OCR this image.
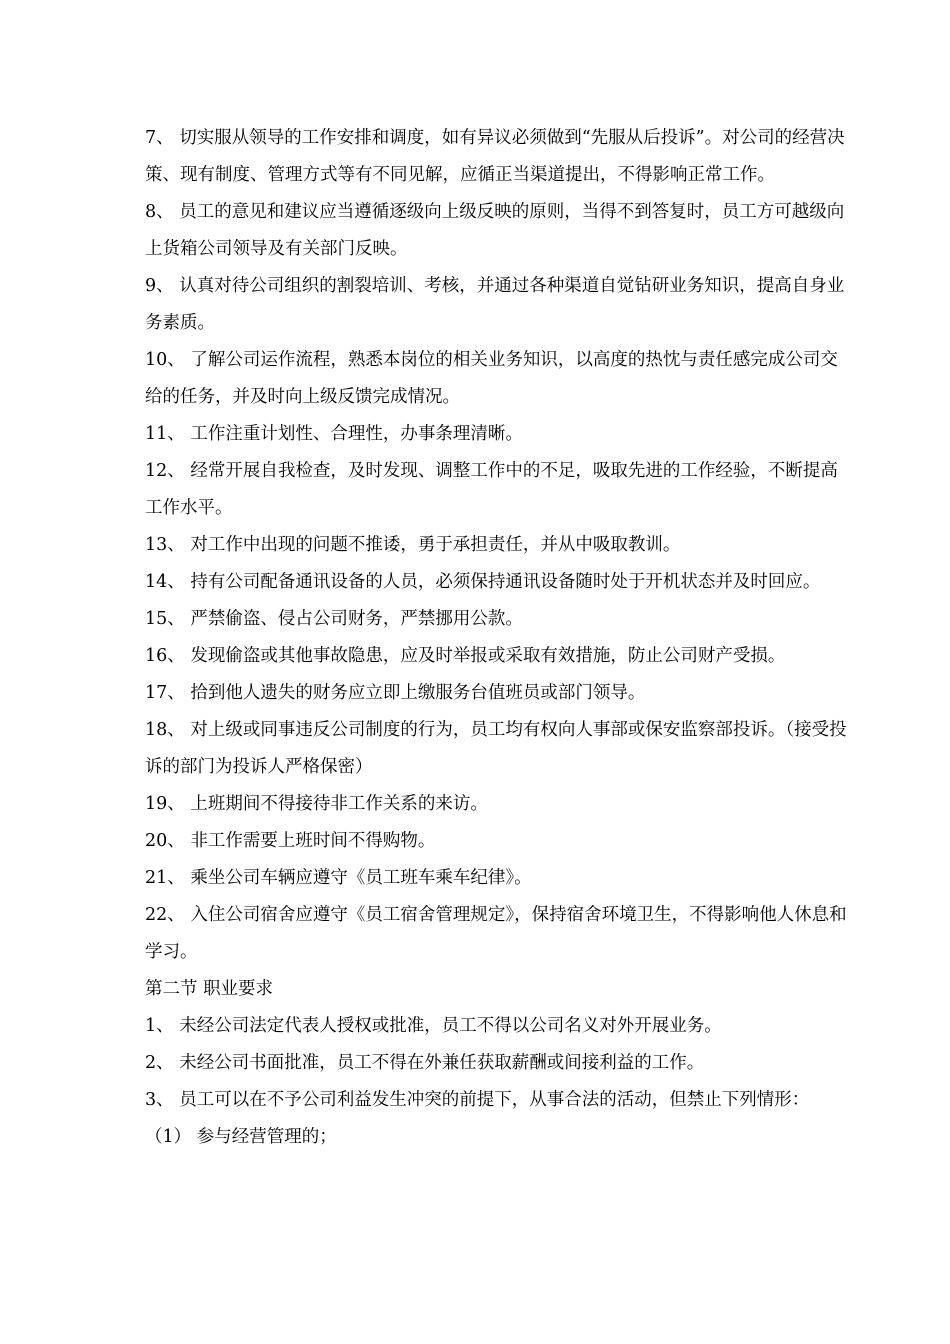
7、 切实服从领导的工作安排和调度，如有异议必须做到“先服从后投诉”。对公司的经营决策、现有制度、管理方式等有不同见解，应循正当渠道提出，不得影响正常工作。

8、 员工的意见和建议应当遵循逐级向上级反映的原则，当得不到答复时，员工方可越级向上货箱公司领导及有关部门反映。

9、 认真对待公司组织的割裂培训、考核，并通过各种渠道自觉钻研业务知识，提高自身业务素质。

10、 了解公司运作流程，熟悉本岗位的相关业务知识，以高度的热忱与责任感完成公司交给的任务，并及时向上级反馈完成情况。

11、 工作注重计划性、合理性，办事条理清晰。

12、 经常开展自我检查，及时发现、调整工作中的不足，吸取先进的工作经验，不断提高工作水平。

13、 对工作中出现的问题不推诿，勇于承担责任，并从中吸取教训。

14、 持有公司配备通讯设备的人员，必须保持通讯设备随时处于开机状态并及时回应。

15、 严禁偷盗、侵占公司财务，严禁挪用公款。

16、 发现偷盗或其他事故隐患，应及时举报或采取有效措施，防止公司财产受损。

17、 拾到他人遗失的财务应立即上缴服务台值班员或部门领导。

18、 对上级或同事违反公司制度的行为，员工均有权向人事部或保安监察部投诉。（接受投诉的部门为投诉人严格保密）

19、 上班期间不得接待非工作关系的来访。

20、 非工作需要上班时间不得购物。

21、 乘坐公司车辆应遵守《员工班车乘车纪律》。

22、 入住公司宿舍应遵守《员工宿舍管理规定》，保持宿舍环境卫生，不得影响他人休息和学习。

第二节 职业要求

1、 未经公司法定代表人授权或批准，员工不得以公司名义对外开展业务。

2、 未经公司书面批准，员工不得在外兼任获取薪酬或间接利益的工作。

3、 员工可以在不予公司利益发生冲突的前提下，从事合法的活动，但禁止下列情形：

（1） 参与经营管理的；
